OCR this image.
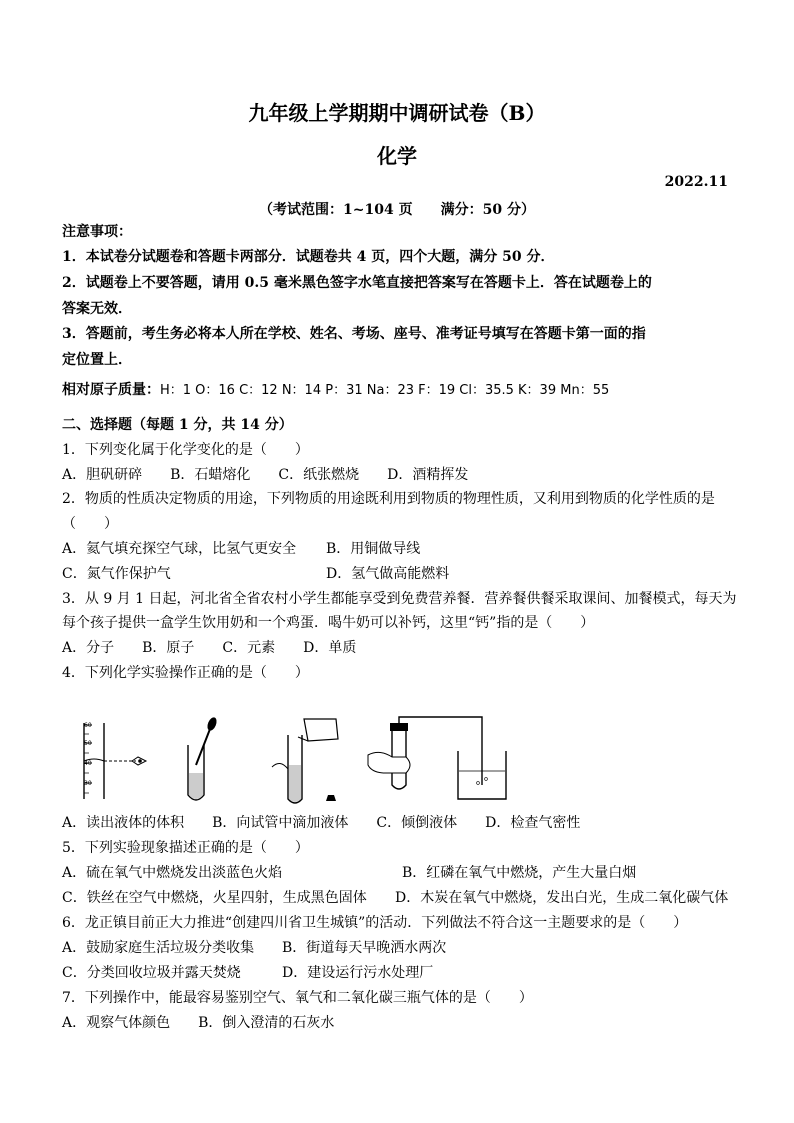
九年级上学期期中调研试卷（B）
化学
2022.11
（考试范围：1~104 页　　满分：50 分）
注意事项：
1．本试卷分试题卷和答题卡两部分．试题卷共 4 页，四个大题，满分 50 分．
2．试题卷上不要答题，请用 0.5 毫米黑色签字水笔直接把答案写在答题卡上．答在试题卷上的
答案无效．
3．答题前，考生务必将本人所在学校、姓名、考场、座号、准考证号填写在答题卡第一面的指
定位置上．
相对原子质量：H：1 O：16 C：12 N：14 P：31 Na：23 F：19 Cl：35.5 K：39 Mn：55
二、选择题（每题 1 分，共 14 分）
1．下列变化属于化学变化的是（　　）
A．胆矾研碎　　B．石蜡熔化　　C．纸张燃烧　　D．酒精挥发
2．物质的性质决定物质的用途，下列物质的用途既利用到物质的物理性质，又利用到物质的化学性质的是
（　　）
A．氦气填充探空气球，比氢气更安全 B．用铜做导线
C．氮气作保护气	D．氢气做高能燃料
3．从 9 月 1 日起，河北省全省农村小学生都能享受到免费营养餐．营养餐供餐采取课间、加餐模式，每天为
每个孩子提供一盒学生饮用奶和一个鸡蛋．喝牛奶可以补钙，这里“钙”指的是（　　）
A．分子　　B．原子　　C．元素　　D．单质
4．下列化学实验操作正确的是（　　）
60
50
40
30
A．读出液体的体积　　B．向试管中滴加液体　　C．倾倒液体　　D．检查气密性
5．下列实验现象描述正确的是（　　）
A．硫在氧气中燃烧发出淡蓝色火焰	B．红磷在氧气中燃烧，产生大量白烟
C．铁丝在空气中燃烧，火星四射，生成黑色固体 D．木炭在氧气中燃烧，发出白光，生成二氧化碳气体
6．龙正镇目前正大力推进“创建四川省卫生城镇”的活动．下列做法不符合这一主题要求的是（　　）
A．鼓励家庭生活垃圾分类收集 B．街道每天早晚洒水两次
C．分类回收垃圾并露天焚烧	D．建设运行污水处理厂
7．下列操作中，能最容易鉴别空气、氧气和二氧化碳三瓶气体的是（　　）
A．观察气体颜色　　B．倒入澄清的石灰水
